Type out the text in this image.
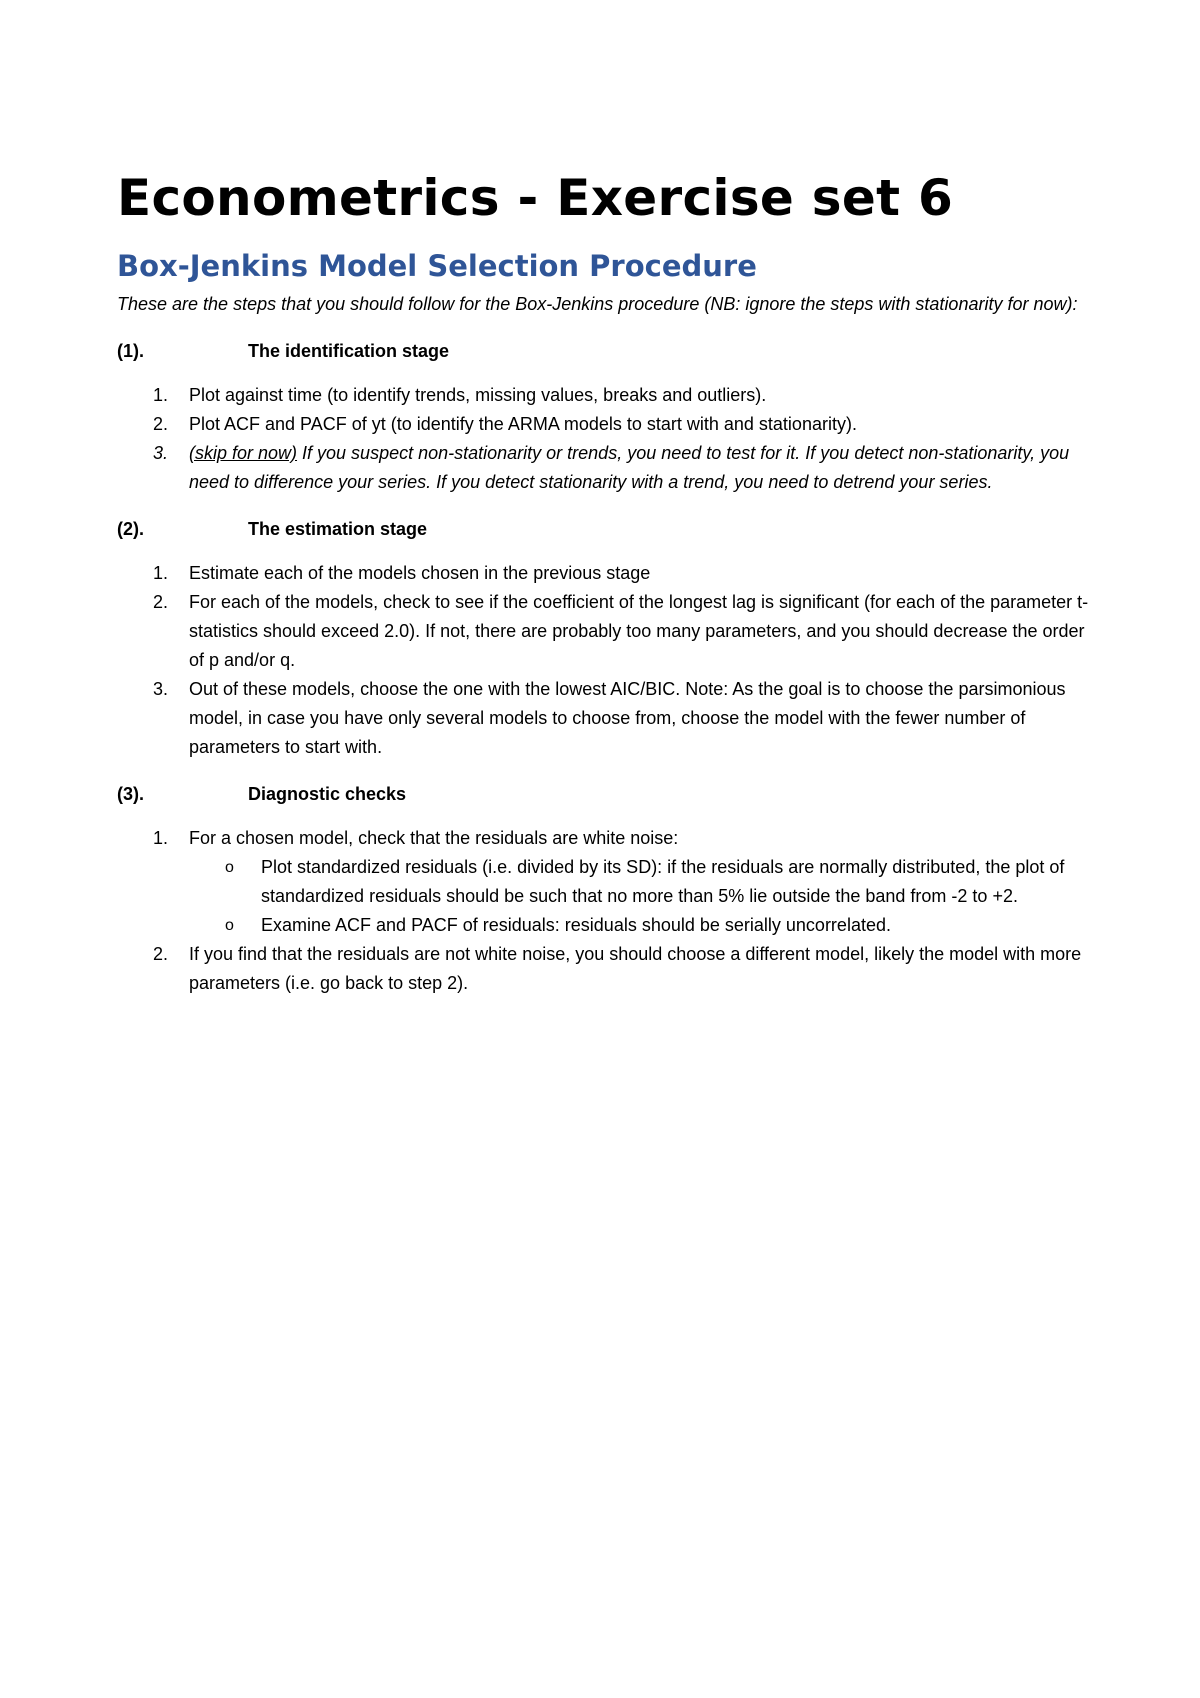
Econometrics - Exercise set 6
Box-Jenkins Model Selection Procedure

These are the steps that you should follow for the Box-Jenkins procedure (NB: ignore the steps with stationarity for now):

(1).	The identification stage
1. Plot against time (to identify trends, missing values, breaks and outliers).
2. Plot ACF and PACF of yt (to identify the ARMA models to start with and stationarity).
3. (skip for now) If you suspect non-stationarity or trends, you need to test for it. If you detect non-stationarity, you need to difference your series. If you detect stationarity with a trend, you need to detrend your series.
(2).	The estimation stage
1. Estimate each of the models chosen in the previous stage
2. For each of the models, check to see if the coefficient of the longest lag is significant (for each of the parameter t-statistics should exceed 2.0). If not, there are probably too many parameters, and you should decrease the order of p and/or q.
3. Out of these models, choose the one with the lowest AIC/BIC. Note: As the goal is to choose the parsimonious model, in case you have only several models to choose from, choose the model with the fewer number of parameters to start with.
(3).	Diagnostic checks
1. For a chosen model, check that the residuals are white noise:
o Plot standardized residuals (i.e. divided by its SD): if the residuals are normally distributed, the plot of standardized residuals should be such that no more than 5% lie outside the band from -2 to +2.
o Examine ACF and PACF of residuals: residuals should be serially uncorrelated.
2. If you find that the residuals are not white noise, you should choose a different model, likely the model with more parameters (i.e. go back to step 2).
